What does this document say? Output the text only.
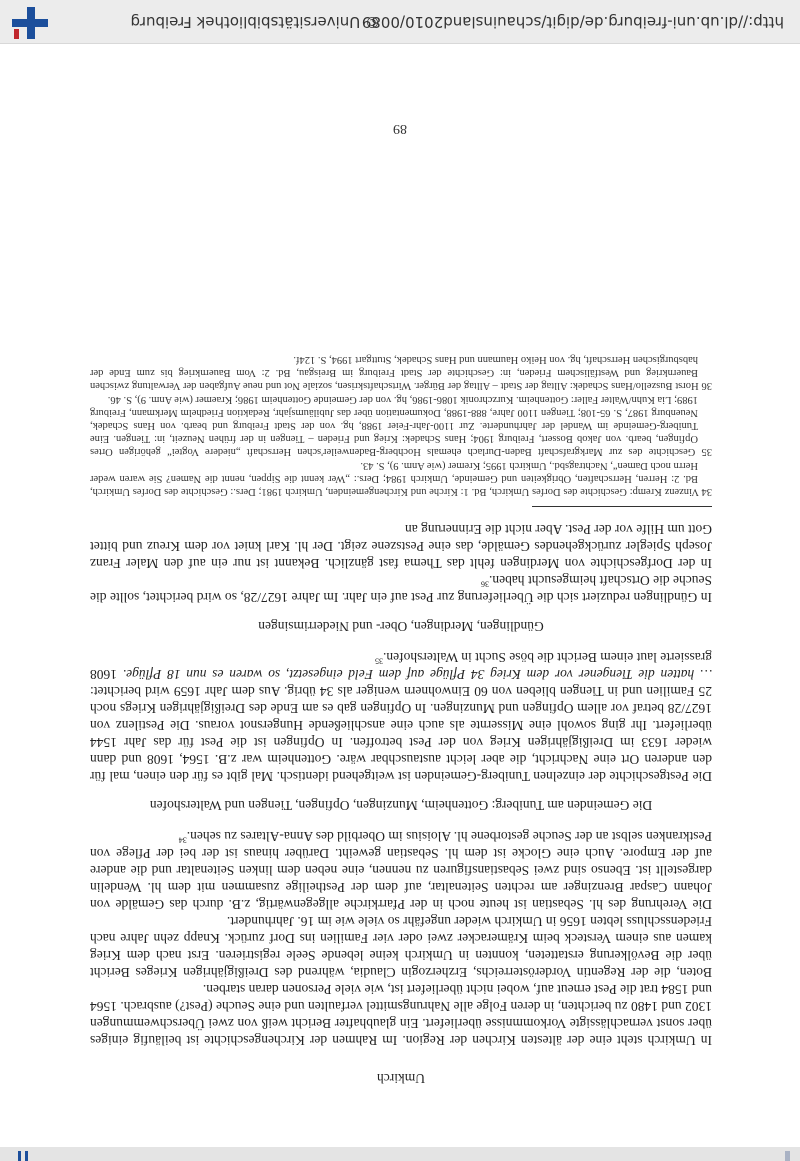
Umkirch

In Umkirch steht eine der ältesten Kirchen der Region. Im Rahmen der Kirchengeschichte ist beiläufig einiges über sonst vernachlässigte Vorkommnisse überliefert. Ein glaubhafter Bericht weiß von zwei Überschwemmungen 1302 und 1480 zu berichten, in deren Folge alle Nahrungsmittel verfaulten und eine Seuche (Pest?) ausbrach. 1564 und 1584 trat die Pest erneut auf, wobei nicht überliefert ist, wie viele Personen daran starben.

Boten, die der Regentin Vorderösterreichs, Erzherzogin Claudia, während des Dreißigjährigen Krieges Bericht über die Bevölkerung erstatteten, konnten in Umkirch keine lebende Seele registrieren. Erst nach dem Krieg kamen aus einem Versteck beim Krämeracker zwei oder vier Familien ins Dorf zurück. Knapp zehn Jahre nach Friedensschluss lebten 1656 in Umkirch wieder ungefähr so viele wie im 16. Jahrhundert.

Die Verehrung des hl. Sebastian ist heute noch in der Pfarrkirche allgegenwärtig, z.B. durch das Gemälde von Johann Caspar Brenzinger am rechten Seitenaltar, auf dem der Pestheilige zusammen mit dem hl. Wendelin dargestellt ist. Ebenso sind zwei Sebastiansfiguren zu nennen, eine neben dem linken Seitenaltar und die andere auf der Empore. Auch eine Glocke ist dem hl. Sebastian geweiht. Darüber hinaus ist der bei der Pflege von Pestkranken selbst an der Seuche gestorbene hl. Aloisius im Oberbild des Anna-Altares zu sehen.$^{34}$

Die Gemeinden am Tuniberg: Gottenheim, Munzingen, Opfingen, Tiengen und Waltershofen

Die Pestgeschichte der einzelnen Tuniberg-Gemeinden ist weitgehend identisch. Mal gibt es für den einen, mal für den anderen Ort eine Nachricht, die aber leicht austauschbar wäre. Gottenheim war z.B. 1564, 1608 und dann wieder 1633 im Dreißigjährigen Krieg von der Pest betroffen. In Opfingen ist die Pest für das Jahr 1544 überliefert. Ihr ging sowohl eine Missernte als auch eine anschließende Hungersnot voraus. Die Pestilenz von 1627/28 betraf vor allem Opfingen und Munzingen. In Opfingen gab es am Ende des Dreißigjährigen Kriegs noch 25 Familien und in Tiengen blieben von 60 Einwohnern weniger als 34 übrig. Aus dem Jahr 1659 wird berichtet: … hatten die Tiengener vor dem Krieg 34 Pflüge auf dem Feld eingesetzt, so waren es nun 18 Pflüge. 1608 grassierte laut einem Bericht die böse Sucht in Waltershofen.$^{35}$

Gündlingen, Merdingen, Ober- und Niederrimsingen

In Gündlingen reduziert sich die Überlieferung zur Pest auf ein Jahr. Im Jahre 1627/28, so wird berichtet, sollte die Seuche die Ortschaft heimgesucht haben.$^{36}$

In der Dorfgeschichte von Merdingen fehlt das Thema fast gänzlich. Bekannt ist nur ein auf den Maler Franz Joseph Spiegler zurückgehendes Gemälde, das eine Pestszene zeigt. Der hl. Karl kniet vor dem Kreuz und bittet Gott um Hilfe vor der Pest. Aber nicht die Erinnerung an

34 Vinzenz Kremp: Geschichte des Dorfes Umkirch, Bd. 1: Kirche und Kirchengemeinden, Umkirch 1981; Ders.: Geschichte des Dorfes Umkirch, Bd. 2: Herren, Herrschaften, Obrigkeiten und Gemeinde, Umkirch 1984; Ders.: „Wer kennt die Sippen, nennt die Namen? Sie waren weder Herrn noch Damen“, Nachtragsbd., Umkirch 1995; Kremer (wie Anm. 9), S. 43.

35 Geschichte des zur Markgrafschaft Baden-Durlach ehemals Hochberg-Badenweiler'schen Herrschaft „niedere Vogtei“ gehörigen Ortes Opfingen, bearb. von Jakob Bossert, Freiburg 1904; Hans Schadek: Krieg und Frieden – Tiengen in der frühen Neuzeit, in: Tiengen. Eine Tuniberg-Gemeinde im Wandel der Jahrhunderte. Zur 1100-Jahr-Feier 1988, hg. von der Stadt Freiburg und bearb. von Hans Schadek, Neuenburg 1987, S. 65-108; Tiengen 1100 Jahre, 888-1988, Dokumentation über das Jubiläumsjahr, Redaktion Friedhelm Merkmann, Freiburg 1989; Lia Kuhn/Walter Faller: Gottenheim. Kurzchronik 1086-1986, hg. von der Gemeinde Gottenheim 1986; Kraemer (wie Anm. 9), S. 46.

36 Horst Buszello/Hans Schadek: Alltag der Stadt – Alltag der Bürger. Wirtschaftskrisen, soziale Not und neue Aufgaben der Verwaltung zwischen Bauernkrieg und Westfälischem Frieden, in: Geschichte der Stadt Freiburg im Breisgau, Bd. 2: Vom Bauernkrieg bis zum Ende der habsburgischen Herrschaft, hg. von Heiko Haumann und Hans Schadek, Stuttgart 1994, S. 124f.

89
http://dl.ub.uni-freiburg.de/digit/schauinsland2010/0089
© Universitätsbibliothek Freiburg
